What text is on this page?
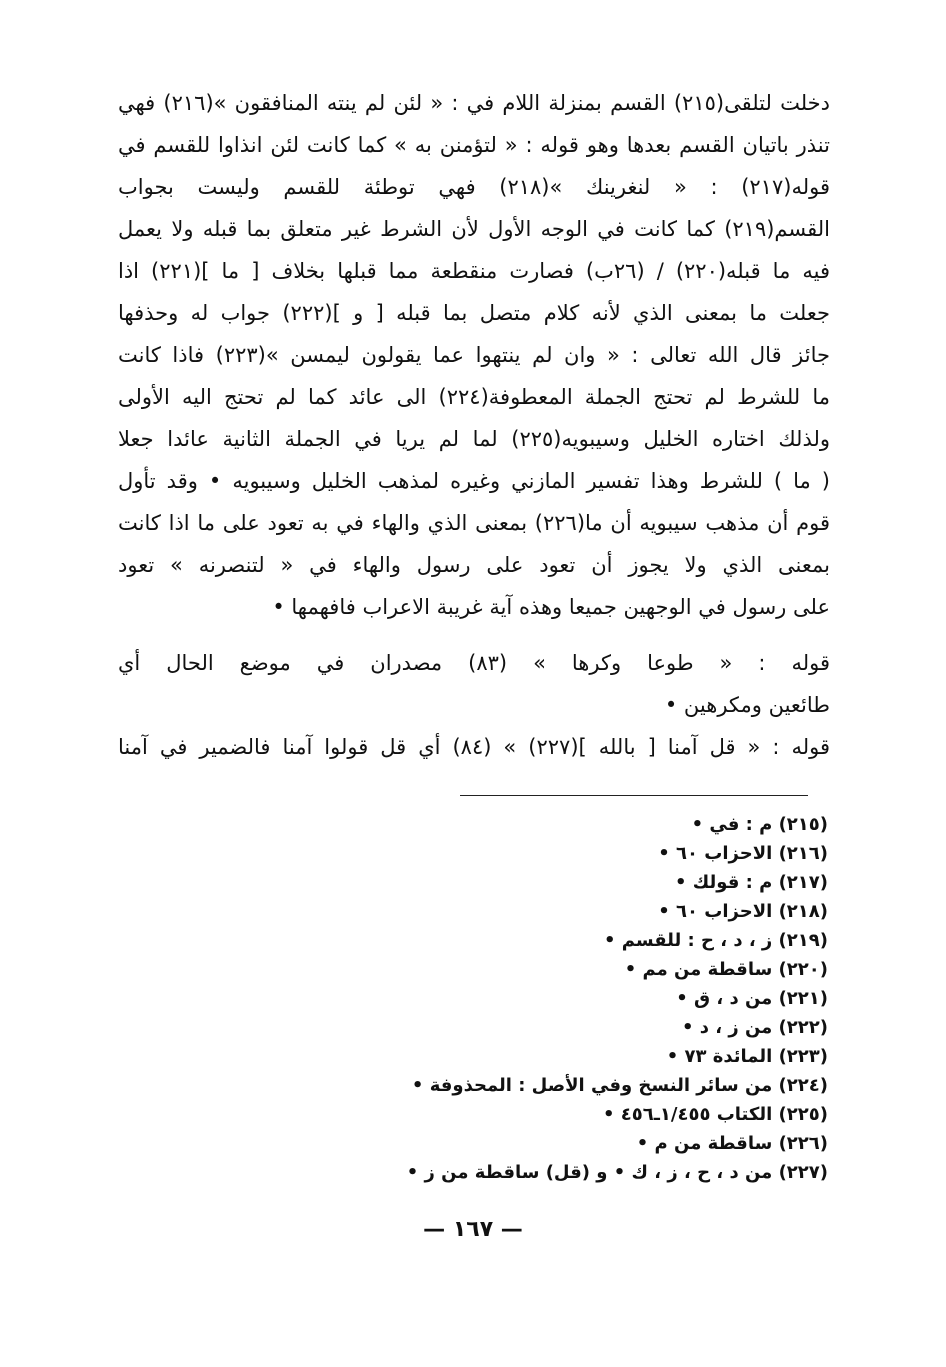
دخلت لتلقى(٢١٥) القسم بمنزلة اللام في : « لئن لم ينته المنافقون »(٢١٦) فهي
تنذر باتيان القسم بعدها وهو قوله : « لتؤمنن به » كما كانت لئن انذاوا للقسم في
قوله(٢١٧) : « لنغرينك »(٢١٨) فهي توطئة للقسم وليست بجواب
القسم(٢١٩) كما كانت في الوجه الأول لأن الشرط غير متعلق بما قبله ولا يعمل
فيه ما قبله(٢٢٠) / (٢٦ب) فصارت منقطعة مما قبلها بخلاف [ ما ](٢٢١) اذا
جعلت ما بمعنى الذي لأنه كلام متصل بما قبله [ و ](٢٢٢) جواب له وحذفها
جائز قال الله تعالى : « وان لم ينتهوا عما يقولون ليمسن »(٢٢٣) فاذا كانت
ما للشرط لم تحتج الجملة المعطوفة(٢٢٤) الى عائد كما لم تحتج اليه الأولى
ولذلك اختاره الخليل وسيبويه(٢٢٥) لما لم يريا في الجملة الثانية عائدا جعلا
( ما ) للشرط وهذا تفسير المازني وغيره لمذهب الخليل وسيبويه • وقد تأول
قوم أن مذهب سيبويه أن ما(٢٢٦) بمعنى الذي والهاء في به تعود على ما اذا كانت
بمعنى الذي ولا يجوز أن تعود على رسول والهاء في « لتنصرنه » تعود
على رسول في الوجهين جميعا وهذه آية غريبة الاعراب فافهمها •
قوله : « طوعا وكرها » (٨٣) مصدران في موضع الحال أي
طائعين ومكرهين •
قوله : « قل آمنا [ بالله ](٢٢٧) » (٨٤) أي قل قولوا آمنا فالضمير في آمنا
(٢١٥) م : في •
(٢١٦) الاحزاب ٦٠ •
(٢١٧) م : قولك •
(٢١٨) الاحزاب ٦٠ •
(٢١٩) ز ، د ، ح : للقسم •
(٢٢٠) ساقطة من مم •
(٢٢١) من د ، ق •
(٢٢٢) من ز ، د •
(٢٢٣) المائدة ٧٣ •
(٢٢٤) من سائر النسخ وفي الأصل : المحذوفة •
(٢٢٥) الكتاب ١/٤٥٥ـ٤٥٦ •
(٢٢٦) ساقطة من م •
(٢٢٧) من د ، ح ، ز ، ك • و (قل) ساقطة من ز •
— ١٦٧ —
